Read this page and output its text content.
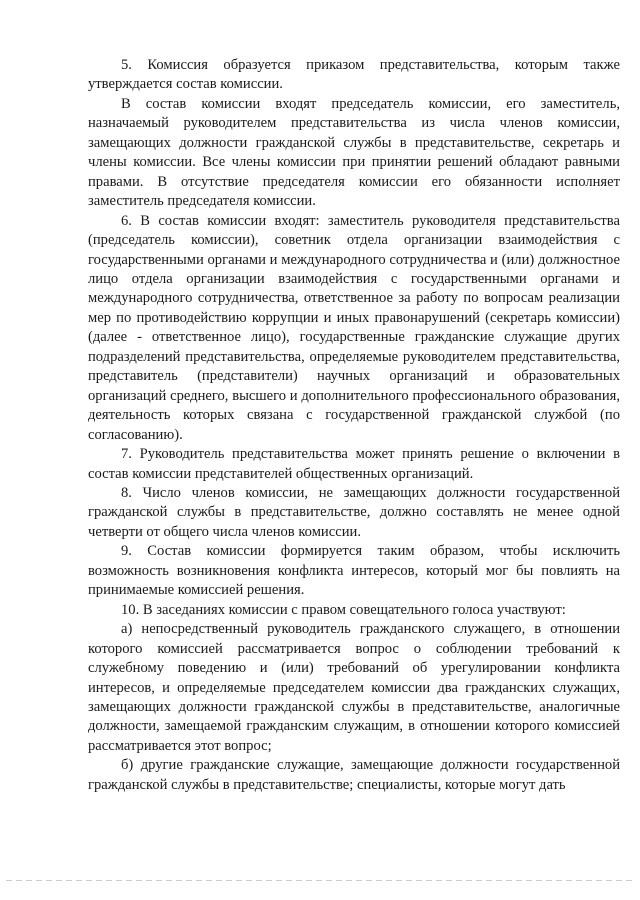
5. Комиссия образуется приказом представительства, которым также утверждается состав комиссии.

В состав комиссии входят председатель комиссии, его заместитель, назначаемый руководителем представительства из числа членов комиссии, замещающих должности гражданской службы в представительстве, секретарь и члены комиссии. Все члены комиссии при принятии решений обладают равными правами. В отсутствие председателя комиссии его обязанности исполняет заместитель председателя комиссии.

6. В состав комиссии входят: заместитель руководителя представительства (председатель комиссии), советник отдела организации взаимодействия с государственными органами и международного сотрудничества и (или) должностное лицо отдела организации взаимодействия с государственными органами и международного сотрудничества, ответственное за работу по вопросам реализации мер по противодействию коррупции и иных правонарушений (секретарь комиссии) (далее - ответственное лицо), государственные гражданские служащие других подразделений представительства, определяемые руководителем представительства, представитель (представители) научных организаций и образовательных организаций среднего, высшего и дополнительного профессионального образования, деятельность которых связана с государственной гражданской службой (по согласованию).

7. Руководитель представительства может принять решение о включении в состав комиссии представителей общественных организаций.

8. Число членов комиссии, не замещающих должности государственной гражданской службы в представительстве, должно составлять не менее одной четверти от общего числа членов комиссии.

9. Состав комиссии формируется таким образом, чтобы исключить возможность возникновения конфликта интересов, который мог бы повлиять на принимаемые комиссией решения.

10. В заседаниях комиссии с правом совещательного голоса участвуют:

а) непосредственный руководитель гражданского служащего, в отношении которого комиссией рассматривается вопрос о соблюдении требований к служебному поведению и (или) требований об урегулировании конфликта интересов, и определяемые председателем комиссии два гражданских служащих, замещающих должности гражданской службы в представительстве, аналогичные должности, замещаемой гражданским служащим, в отношении которого комиссией рассматривается этот вопрос;

б) другие гражданские служащие, замещающие должности государственной гражданской службы в представительстве; специалисты, которые могут дать
